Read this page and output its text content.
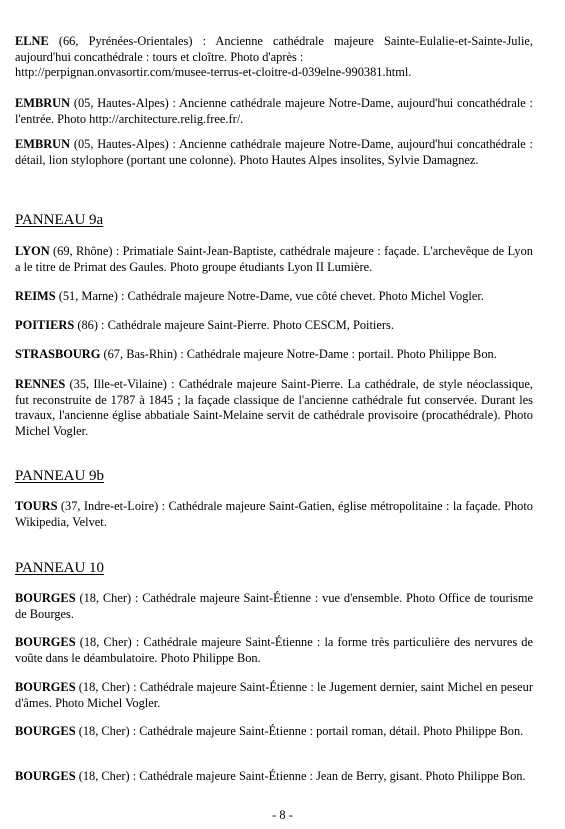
ELNE (66, Pyrénées-Orientales) : Ancienne cathédrale majeure Sainte-Eulalie-et-Sainte-Julie, aujourd'hui concathédrale : tours et cloître. Photo d'après :
http://perpignan.onvasortir.com/musee-terrus-et-cloitre-d-039elne-990381.html.

EMBRUN (05, Hautes-Alpes) : Ancienne cathédrale majeure Notre-Dame, aujourd'hui concathédrale : l'entrée. Photo http://architecture.relig.free.fr/.

EMBRUN (05, Hautes-Alpes) : Ancienne cathédrale majeure Notre-Dame, aujourd'hui concathédrale : détail, lion stylophore (portant une colonne). Photo Hautes Alpes insolites, Sylvie Damagnez.

PANNEAU 9a

LYON (69, Rhône) : Primatiale Saint-Jean-Baptiste, cathédrale majeure : façade. L'archevêque de Lyon a le titre de Primat des Gaules. Photo groupe étudiants Lyon II Lumière.

REIMS (51, Marne) : Cathédrale majeure Notre-Dame, vue côté chevet. Photo Michel Vogler.

POITIERS (86) : Cathédrale majeure Saint-Pierre. Photo CESCM, Poitiers.

STRASBOURG (67, Bas-Rhin) : Cathédrale majeure Notre-Dame : portail. Photo Philippe Bon.

RENNES (35, Ille-et-Vilaine) : Cathédrale majeure Saint-Pierre. La cathédrale, de style néoclassique, fut reconstruite de 1787 à 1845 ; la façade classique de l'ancienne cathédrale fut conservée. Durant les travaux, l'ancienne église abbatiale Saint-Melaine servit de cathédrale provisoire (procathédrale). Photo Michel Vogler.

PANNEAU 9b

TOURS (37, Indre-et-Loire) : Cathédrale majeure Saint-Gatien, église métropolitaine : la façade. Photo Wikipedia, Velvet.

PANNEAU 10

BOURGES (18, Cher) : Cathédrale majeure Saint-Étienne : vue d'ensemble. Photo Office de tourisme de Bourges.

BOURGES (18, Cher) : Cathédrale majeure Saint-Étienne : la forme très particulière des nervures de voûte dans le déambulatoire. Photo Philippe Bon.

BOURGES (18, Cher) : Cathédrale majeure Saint-Étienne : le Jugement dernier, saint Michel en peseur d'âmes. Photo Michel Vogler.

BOURGES (18, Cher) : Cathédrale majeure Saint-Étienne : portail roman, détail. Photo Philippe Bon.

BOURGES (18, Cher) : Cathédrale majeure Saint-Étienne : Jean de Berry, gisant. Photo Philippe Bon.

- 8 -
